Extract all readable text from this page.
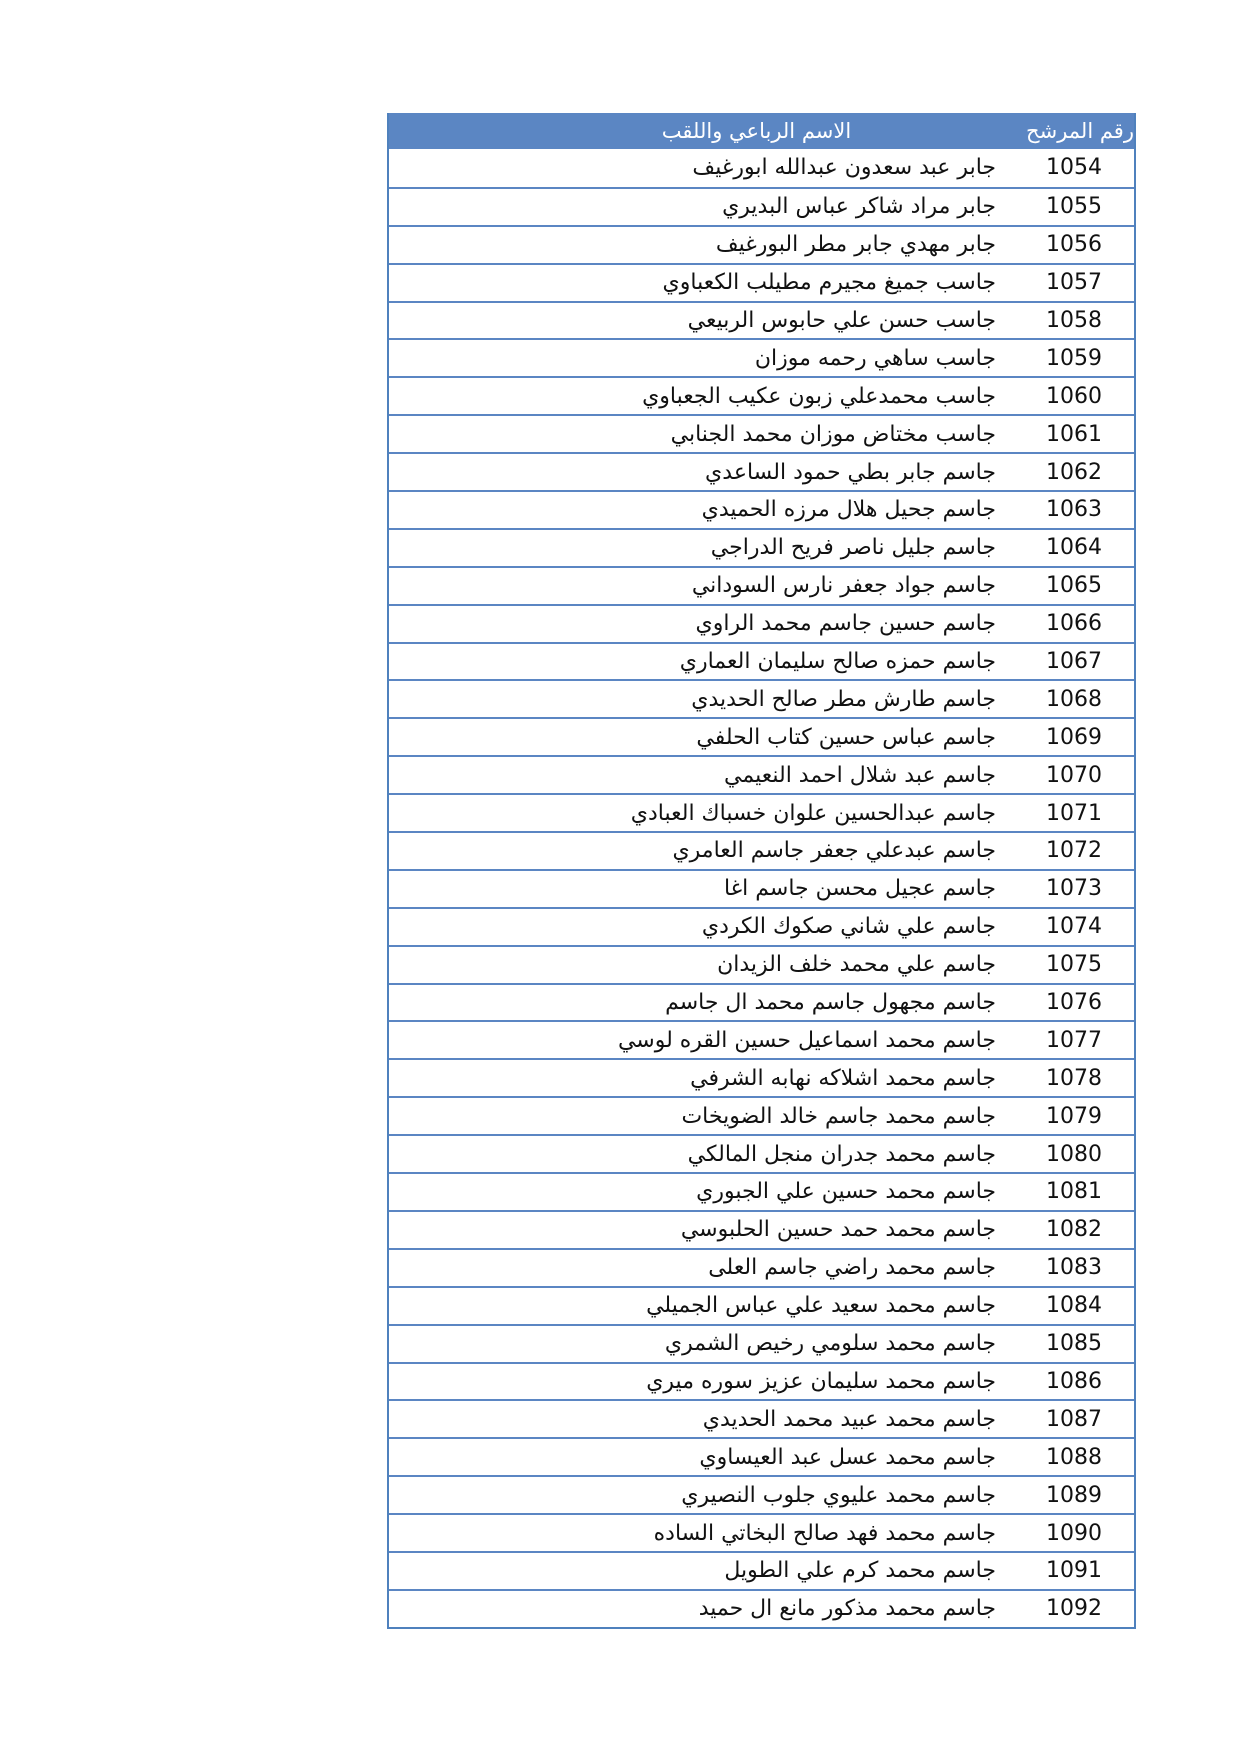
رقم المرشح
الاسم الرباعي واللقب
1054
جابر عبد سعدون عبدالله ابورغيف
1055
جابر مراد شاكر عباس البديري
1056
جابر مهدي جابر مطر البورغيف
1057
جاسب جميغ مجيرم مطيلب الكعباوي
1058
جاسب حسن علي حابوس الربيعي
1059
جاسب ساهي رحمه موزان
1060
جاسب محمدعلي زبون عكيب الجعباوي
1061
جاسب مختاض موزان محمد الجنابي
1062
جاسم جابر بطي حمود الساعدي
1063
جاسم جحيل هلال مرزه الحميدي
1064
جاسم جليل ناصر فريح الدراجي
1065
جاسم جواد جعفر نارس السوداني
1066
جاسم حسين جاسم محمد الراوي
1067
جاسم حمزه صالح سليمان العماري
1068
جاسم طارش مطر صالح الحديدي
1069
جاسم عباس حسين كتاب الحلفي
1070
جاسم عبد شلال احمد النعيمي
1071
جاسم عبدالحسين علوان خسباك العبادي
1072
جاسم عبدعلي جعفر جاسم العامري
1073
جاسم عجيل محسن جاسم اغا
1074
جاسم علي شاني صكوك الكردي
1075
جاسم علي محمد خلف الزيدان
1076
جاسم مجهول جاسم محمد ال جاسم
1077
جاسم محمد اسماعيل حسين القره لوسي
1078
جاسم محمد اشلاكه نهابه الشرفي
1079
جاسم محمد جاسم خالد الضويخات
1080
جاسم محمد جدران منجل المالكي
1081
جاسم محمد حسين علي الجبوري
1082
جاسم محمد حمد حسين الحلبوسي
1083
جاسم محمد راضي جاسم العلى
1084
جاسم محمد سعيد علي عباس الجميلي
1085
جاسم محمد سلومي رخيص الشمري
1086
جاسم محمد سليمان عزيز سوره ميري
1087
جاسم محمد عبيد محمد الحديدي
1088
جاسم محمد عسل عبد العيساوي
1089
جاسم محمد عليوي جلوب النصيري
1090
جاسم محمد فهد صالح البخاتي الساده
1091
جاسم محمد كرم علي الطويل
1092
جاسم محمد مذكور مانع ال حميد
